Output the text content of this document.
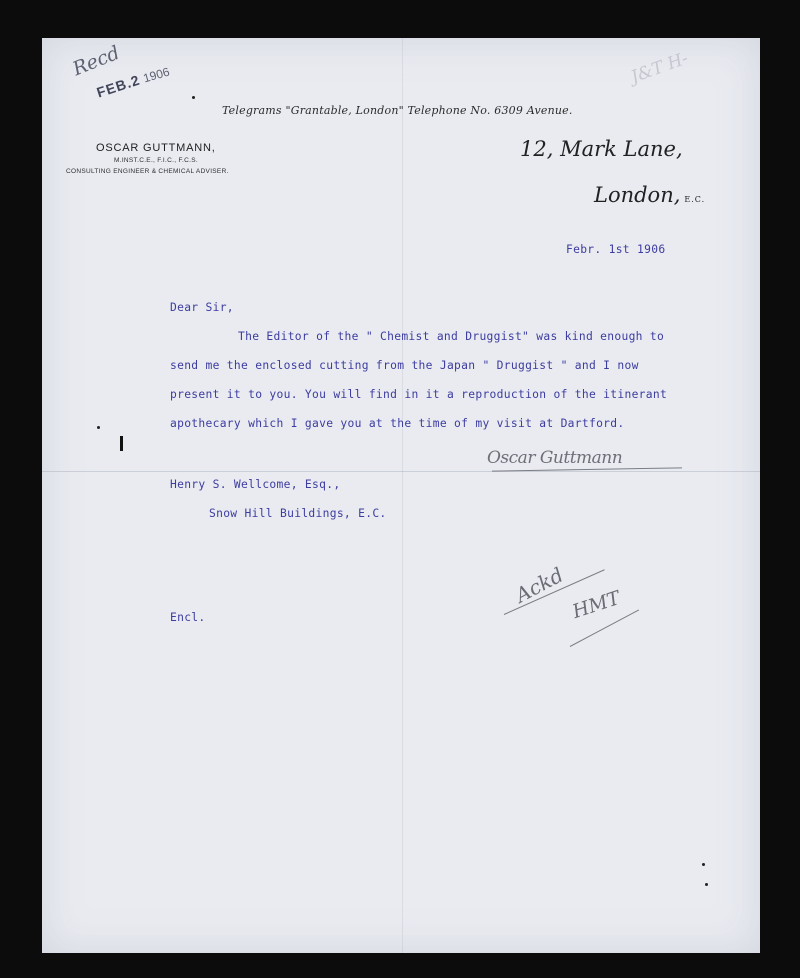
Recd
FEB.2 1906	J&T H-
Telegrams "Grantable, London" Telephone No. 6309 Avenue.
OSCAR GUTTMANN,
M.INST.C.E., F.I.C., F.C.S.
CONSULTING ENGINEER & CHEMICAL ADVISER.
12, Mark Lane,
London, E.C.
Febr. 1st 1906
Dear Sir,
The Editor of the " Chemist and Druggist" was kind enough to
send me the enclosed cutting from the Japan " Druggist " and I now
present it to you. You will find in it a reproduction of the itinerant
apothecary which I gave you at the time of my visit at Dartford.
Oscar Guttmann
Henry S. Wellcome, Esq.,
Snow Hill Buildings, E.C.
Encl.
Ackd HMT
